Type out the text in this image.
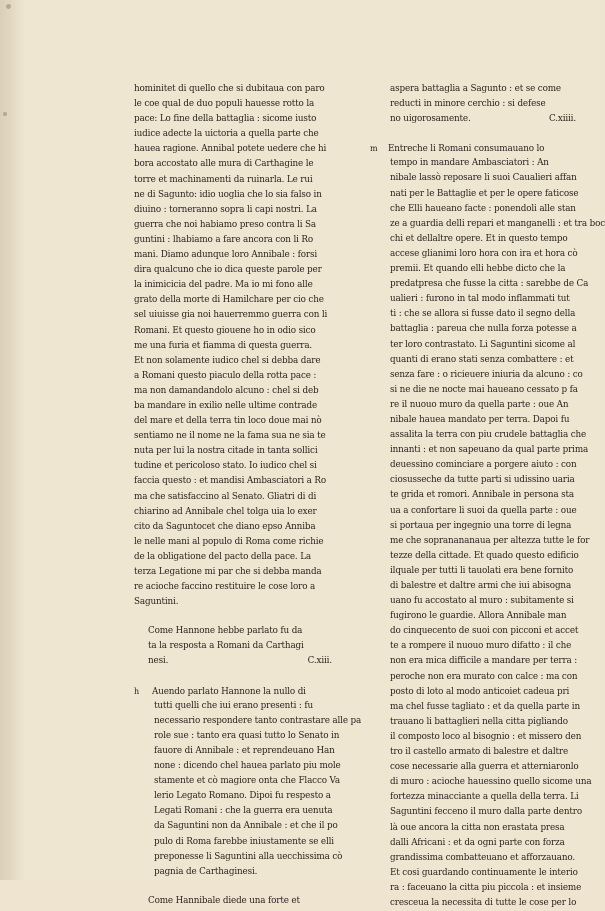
hominitet di quello che si dubitaua con paro
le coe qual de duo populi hauesse rotto la
pace: Lo fine della battaglia : sicome iusto
iudice adecte la uictoria a quella parte che
hauea ragione. Annibal potete uedere che hi
bora accostato alle mura di Carthagine le
torre et machinamenti da ruinarla. Le rui
ne di Sagunto: idio uoglia che lo sia falso in
diuino : torneranno sopra li capi nostri. La
guerra che noi habiamo preso contra li Sa
guntini : lhabiamo a fare ancora con li Ro
mani. Diamo adunque loro Annibale : forsi
dira qualcuno che io dica queste parole per
la inimicicia del padre. Ma io mi fono alle
grato della morte di Hamilchare per cio che
sel uiuisse gia noi hauerremmo guerra con li
Romani. Et questo giouene ho in odio sico
me una furia et fiamma di questa guerra.
Et non solamente iudico chel si debba dare
a Romani questo piaculo della rotta pace :
ma non damandandolo alcuno : chel si deb
ba mandare in exilio nelle ultime contrade
del mare et della terra tin loco doue mai nò
sentiamo ne il nome ne la fama sua ne sia te
nuta per lui la nostra citade in tanta sollici
tudine et pericoloso stato. Io iudico chel si
faccia questo : et mandisi Ambasciatori a Ro
ma che satisfaccino al Senato. Gliatri di di
chiarino ad Annibale chel tolga uia lo exer
cito da Saguntocet che diano epso Anniba
le nelle mani al populo di Roma come richie
de la obligatione del pacto della pace. La
terza Legatione mi par che si debba manda
re acioche faccino restituire le cose loro a
Saguntini.
Come Hannone hebbe parlato fu da
ta la resposta a Romani da Carthagi
nesi.	C.xiii.
h Auendo parlato Hannone la nullo di
tutti quelli che iui erano presenti : fu
necessario respondere tanto contrastare alle pa
role sue : tanto era quasi tutto lo Senato in
fauore di Annibale : et reprendeuano Han
none : dicendo chel hauea parlato piu mole
stamente et cò magiore onta che Flacco Va
lerio Legato Romano. Dipoi fu respesto a
Legati Romani : che la guerra era uenuta
da Saguntini non da Annibale : et che il po
pulo di Roma farebbe iniustamente se elli
preponesse li Saguntini alla uecchissima cò
pagnia de Carthaginesi.
Come Hannibale diede una forte et
aspera battaglia a Sagunto : et se come
reducti in minore cerchio : si defese
no uigorosamente.	C.xiiii.
m Entreche li Romani consumauano lo
tempo in mandare Ambasciatori : An
nibale lassò reposare li suoi Caualieri affan
nati per le Battaglie et per le opere faticose
che Elli haueano facte : ponendoli alle stan
ze a guardia delli repari et manganelli : et tra boc
chi et dellaltre opere. Et in questo tempo
accese glianimi loro hora con ira et hora cò
premii. Et quando elli hebbe dicto che la
predatpresa che fusse la citta : sarebbe de Ca
ualieri : furono in tal modo inflammati tut
ti : che se allora si fusse dato il segno della
battaglia : pareua che nulla forza potesse a
ter loro contrastato. Li Saguntini sicome al
quanti di erano stati senza combattere : et
senza fare : o ricieuere iniuria da alcuno : co
si ne die ne nocte mai haueano cessato p fa
re il nuouo muro da quella parte : oue An
nibale hauea mandato per terra. Dapoi fu
assalita la terra con piu crudele battaglia che
innanti : et non sapeuano da qual parte prima
deuessino cominciare a porgere aiuto : con
ciosusseche da tutte parti si udissino uaria
te grida et romori. Annibale in persona sta
ua a confortare li suoi da quella parte : oue
si portaua per ingegnio una torre di legna
me che sopranananaua per altezza tutte le for
tezze della cittade. Et quado questo edificio
ilquale per tutti li tauolati era bene fornito
di balestre et daltre armi che iui abisogna
uano fu accostato al muro : subitamente si
fugirono le guardie. Allora Annibale man
do cinquecento de suoi con picconi et accet
te a rompere il nuouo muro difatto : il che
non era mica difficile a mandare per terra :
peroche non era murato con calce : ma con
posto di loto al modo anticoiet cadeua pri
ma chel fusse tagliato : et da quella parte in
trauano li battaglieri nella citta pigliando
il composto loco al bisognio : et missero den
tro il castello armato di balestre et daltre
cose necessarie alla guerra et atterniaronlo
di muro : acioche hauessino quello sicome una
fortezza minacciante a quella della terra. Li
Saguntini fecceno il muro dalla parte dentro
là oue ancora la citta non erastata presa
dalli Africani : et da ogni parte con forza
grandissima combatteuano et afforzauano.
Et cosi guardando continuamente le interio
ra : faceuano la citta piu piccola : et insieme
cresceua la necessita di tutte le cose per lo
